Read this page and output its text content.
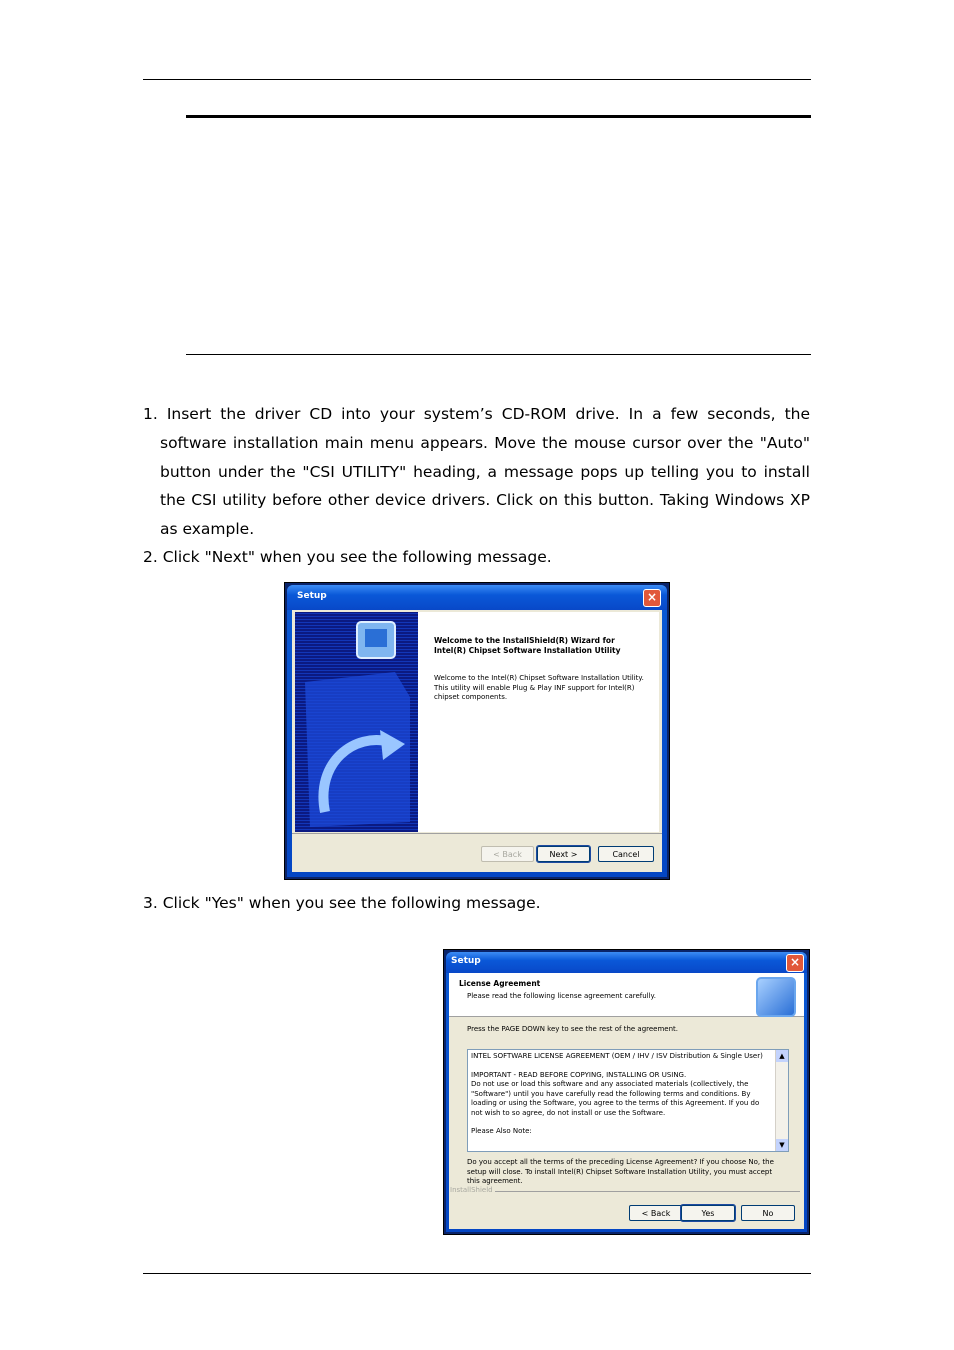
1. Insert the driver CD into your system’s CD-ROM drive. In a few seconds, the software installation main menu appears. Move the mouse cursor over the "Auto" button under the "CSI UTILITY" heading, a message pops up telling you to install the CSI utility before other device drivers. Click on this button. Taking Windows XP as example.

2. Click "Next" when you see the following message.
Setup	×
Welcome to the InstallShield(R) Wizard for Intel(R) Chipset Software Installation Utility
Welcome to the Intel(R) Chipset Software Installation Utility. This utility will enable Plug & Play INF support for Intel(R) chipset components.
< Back	Next >	Cancel
3. Click "Yes" when you see the following message.
Setup	×
License Agreement
Please read the following license agreement carefully.
Press the PAGE DOWN key to see the rest of the agreement.
INTEL SOFTWARE LICENSE AGREEMENT (OEM / IHV / ISV Distribution & Single User)
IMPORTANT - READ BEFORE COPYING, INSTALLING OR USING.
Do not use or load this software and any associated materials (collectively, the "Software") until you have carefully read the following terms and conditions. By loading or using the Software, you agree to the terms of this Agreement. If you do not wish to so agree, do not install or use the Software.
Please Also Note:
▲
▼
Do you accept all the terms of the preceding License Agreement? If you choose No, the setup will close. To install Intel(R) Chipset Software Installation Utility, you must accept this agreement.
InstallShield
< Back	Yes	No
